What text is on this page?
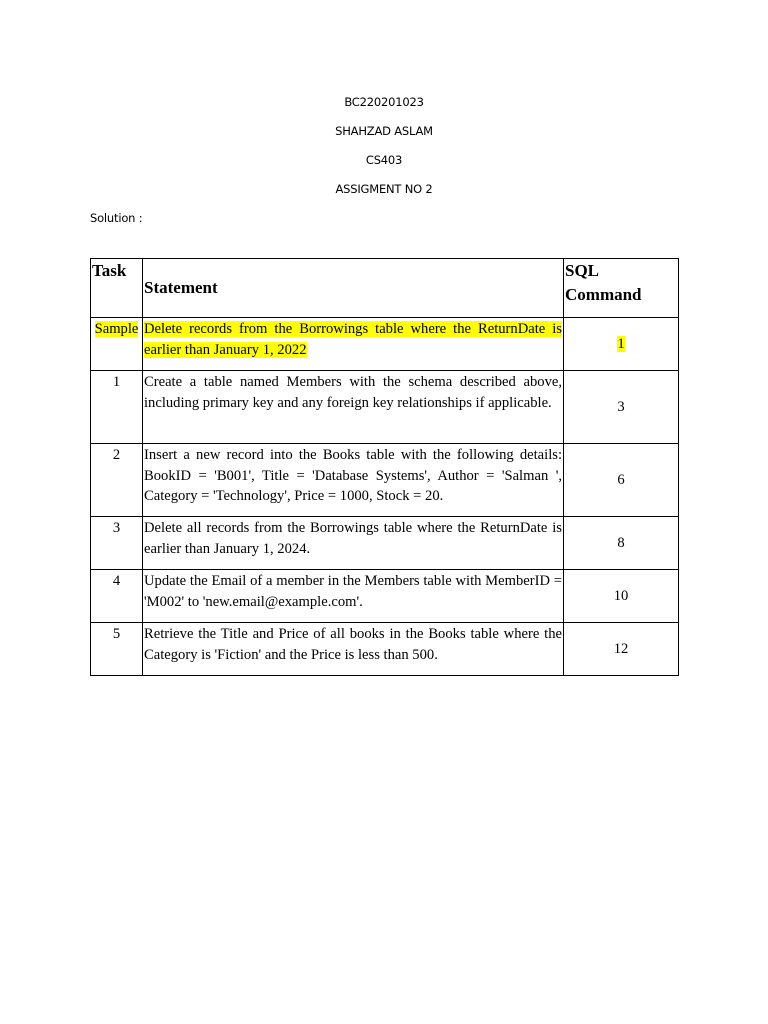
BC220201023
SHAHZAD ASLAM
CS403
ASSIGMENT NO 2
Solution :
Task	Statement	SQL Command
Sample	Delete records from the Borrowings table where the ReturnDate is earlier than January 1, 2022	1
1	Create a table named Members with the schema described above, including primary key and any foreign key relationships if applicable.	3
2	Insert a new record into the Books table with the following details: BookID = 'B001', Title = 'Database Systems', Author = 'Salman ', Category = 'Technology', Price = 1000, Stock = 20.	6
3	Delete all records from the Borrowings table where the ReturnDate is earlier than January 1, 2024.	8
4	Update the Email of a member in the Members table with MemberID = 'M002' to 'new.email@example.com'.	10
5	Retrieve the Title and Price of all books in the Books table where the Category is 'Fiction' and the Price is less than 500.	12
